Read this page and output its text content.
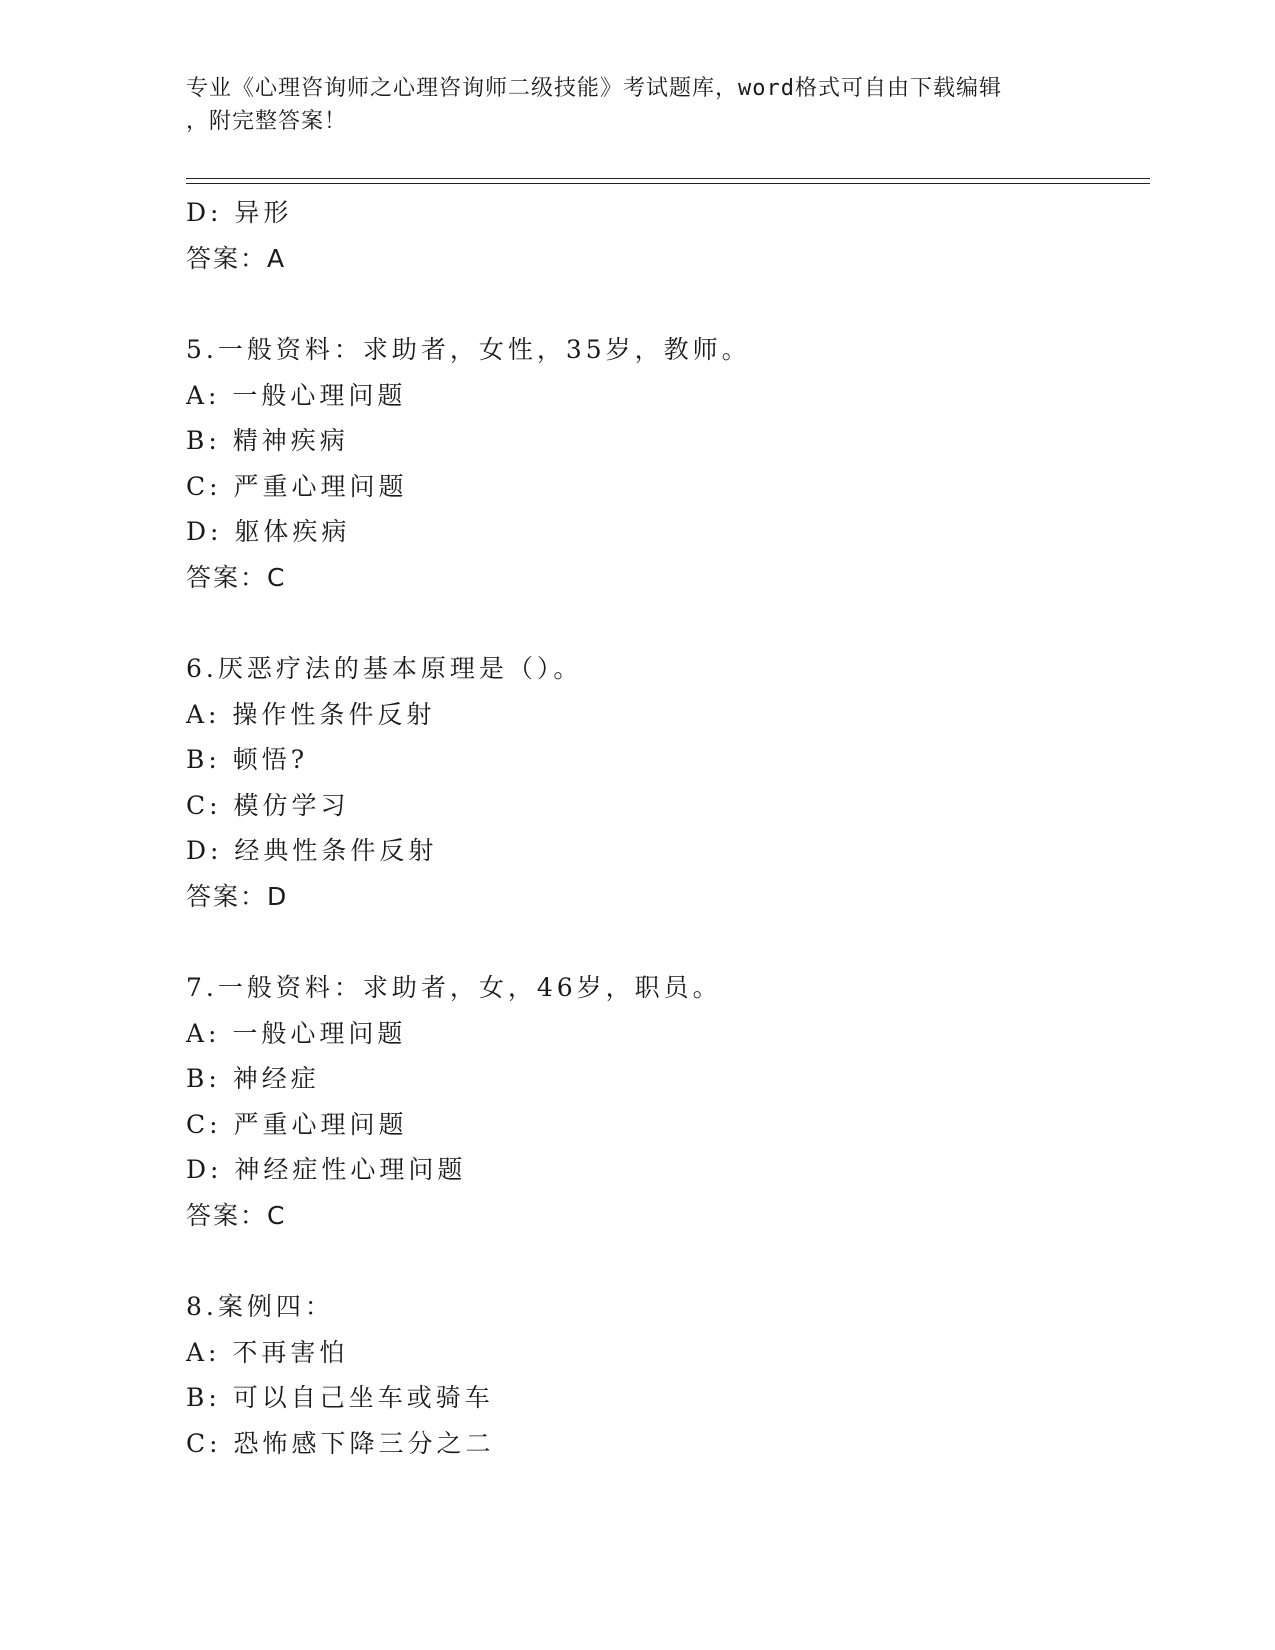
专业《心理咨询师之心理咨询师二级技能》考试题库，word格式可自由下载编辑
，附完整答案！
D: 异形
答案：A
5.一般资料：求助者，女性，35岁，教师。
A: 一般心理问题
B: 精神疾病
C: 严重心理问题
D: 躯体疾病
答案：C
6.厌恶疗法的基本原理是（）。
A: 操作性条件反射
B: 顿悟?
C: 模仿学习
D: 经典性条件反射
答案：D
7.一般资料：求助者，女，46岁，职员。
A: 一般心理问题
B: 神经症
C: 严重心理问题
D: 神经症性心理问题
答案：C
8.案例四：
A: 不再害怕
B: 可以自己坐车或骑车
C: 恐怖感下降三分之二
